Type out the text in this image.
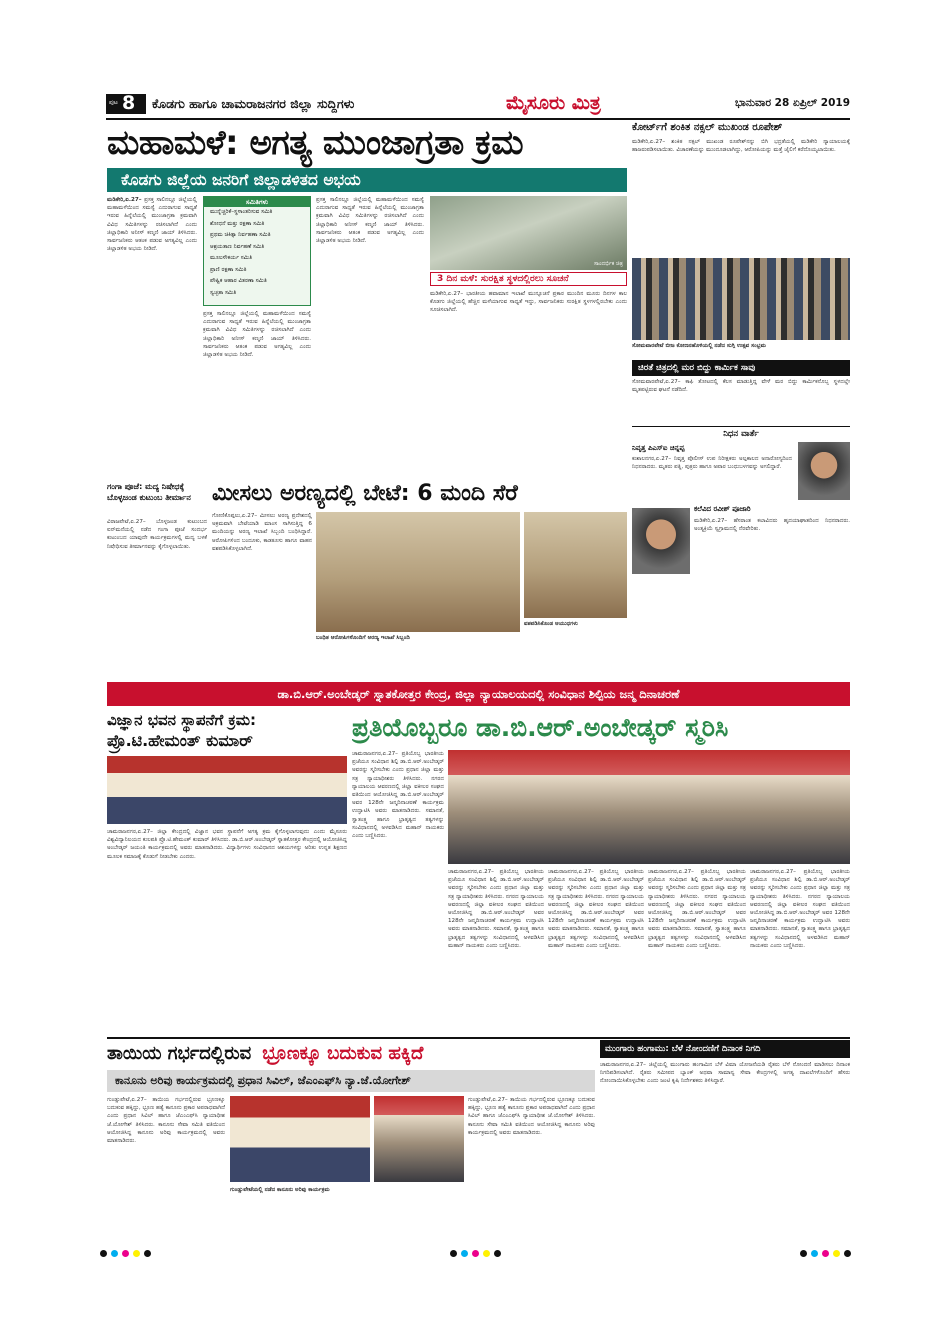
ಪುಟ 8 ಕೊಡಗು ಹಾಗೂ ಚಾಮರಾಜನಗರ ಜಿಲ್ಲಾ ಸುದ್ದಿಗಳು	ಮೈಸೂರು ಮಿತ್ರ	ಭಾನುವಾರ 28 ಏಪ್ರಿಲ್ 2019
ಮಹಾಮಳೆ: ಅಗತ್ಯ ಮುಂಜಾಗ್ರತಾ ಕ್ರಮ
ಕೊಡಗು ಜಿಲ್ಲೆಯ ಜನರಿಗೆ ಜಿಲ್ಲಾಡಳಿತದ ಅಭಯ
ಮಡಿಕೇರಿ,ಏ.27– ಪ್ರಸಕ್ತ ಸಾಲಿನಲ್ಲೂ ಜಿಲ್ಲೆಯಲ್ಲಿ ಮಹಾಮಳೆಯಿಂದ ಸಮಸ್ಯೆ ಎದುರಾಗುವ ಸಾಧ್ಯತೆ ಇರುವ ಹಿನ್ನೆಲೆಯಲ್ಲಿ ಮುಂಜಾಗ್ರತಾ ಕ್ರಮವಾಗಿ ವಿವಿಧ ಸಮಿತಿಗಳನ್ನು ರಚಿಸಲಾಗಿದೆ ಎಂದು ಜಿಲ್ಲಾಧಿಕಾರಿ ಅನೀಸ್ ಕಣ್ಮಣಿ ಜಾಯ್ ತಿಳಿಸಿದರು. ಸಾರ್ವಜನಿಕರು ಆತಂಕ ಪಡುವ ಅಗತ್ಯವಿಲ್ಲ ಎಂದು ಜಿಲ್ಲಾಡಳಿತ ಅಭಯ ನೀಡಿದೆ.
ಸಮಿತಿಗಳು
ಮುನ್ನೆಚ್ಚರಿಕೆ–ಸ್ಥಳಾಂತರಿಸುವ ಸಮಿತಿ
ಶೋಧನೆ ಮತ್ತು ರಕ್ಷಣಾ ಸಮಿತಿ
ಪ್ರಥಮ ಚಿಕಿತ್ಸಾ ನಿರ್ವಹಣಾ ಸಮಿತಿ
ಆಶ್ರಯತಾಣ ನಿರ್ವಹಣೆ ಸಮಿತಿ
ಮೂಲಸೌಕರ್ಯ ಸಮಿತಿ
ಪ್ರಾಣಿ ರಕ್ಷಣಾ ಸಮಿತಿ
ಪೌಷ್ಟಿಕ ಆಹಾರ ವಿತರಣಾ ಸಮಿತಿ
ಸ್ವಚ್ಛತಾ ಸಮಿತಿ
ಪ್ರಸಕ್ತ ಸಾಲಿನಲ್ಲೂ ಜಿಲ್ಲೆಯಲ್ಲಿ ಮಹಾಮಳೆಯಿಂದ ಸಮಸ್ಯೆ ಎದುರಾಗುವ ಸಾಧ್ಯತೆ ಇರುವ ಹಿನ್ನೆಲೆಯಲ್ಲಿ ಮುಂಜಾಗ್ರತಾ ಕ್ರಮವಾಗಿ ವಿವಿಧ ಸಮಿತಿಗಳನ್ನು ರಚಿಸಲಾಗಿದೆ ಎಂದು ಜಿಲ್ಲಾಧಿಕಾರಿ ಅನೀಸ್ ಕಣ್ಮಣಿ ಜಾಯ್ ತಿಳಿಸಿದರು. ಸಾರ್ವಜನಿಕರು ಆತಂಕ ಪಡುವ ಅಗತ್ಯವಿಲ್ಲ ಎಂದು ಜಿಲ್ಲಾಡಳಿತ ಅಭಯ ನೀಡಿದೆ.
ಪ್ರಸಕ್ತ ಸಾಲಿನಲ್ಲೂ ಜಿಲ್ಲೆಯಲ್ಲಿ ಮಹಾಮಳೆಯಿಂದ ಸಮಸ್ಯೆ ಎದುರಾಗುವ ಸಾಧ್ಯತೆ ಇರುವ ಹಿನ್ನೆಲೆಯಲ್ಲಿ ಮುಂಜಾಗ್ರತಾ ಕ್ರಮವಾಗಿ ವಿವಿಧ ಸಮಿತಿಗಳನ್ನು ರಚಿಸಲಾಗಿದೆ ಎಂದು ಜಿಲ್ಲಾಧಿಕಾರಿ ಅನೀಸ್ ಕಣ್ಮಣಿ ಜಾಯ್ ತಿಳಿಸಿದರು. ಸಾರ್ವಜನಿಕರು ಆತಂಕ ಪಡುವ ಅಗತ್ಯವಿಲ್ಲ ಎಂದು ಜಿಲ್ಲಾಡಳಿತ ಅಭಯ ನೀಡಿದೆ.
ಸಾಂದರ್ಭಿಕ ಚಿತ್ರ
3 ದಿನ ಮಳೆ: ಸುರಕ್ಷಿತ ಸ್ಥಳದಲ್ಲಿರಲು ಸೂಚನೆ
ಮಡಿಕೇರಿ,ಏ.27– ಭಾರತೀಯ ಹವಾಮಾನ ಇಲಾಖೆ ಮುನ್ಸೂಚನೆ ಪ್ರಕಾರ ಮುಂದಿನ ಮೂರು ದಿನಗಳ ಕಾಲ ಕೊಡಗು ಜಿಲ್ಲೆಯಲ್ಲಿ ಹೆಚ್ಚಿನ ಮಳೆಯಾಗುವ ಸಾಧ್ಯತೆ ಇದ್ದು, ಸಾರ್ವಜನಿಕರು ಸುರಕ್ಷಿತ ಸ್ಥಳಗಳಲ್ಲಿರಬೇಕು ಎಂದು ಸೂಚಿಸಲಾಗಿದೆ.
ಕೋರ್ಟ್‌ಗೆ ಶಂಕಿತ ನಕ್ಸಲ್ ಮುಖಂಡ ರೂಪೇಶ್
ಮಡಿಕೇರಿ,ಏ.27– ಶಂಕಿತ ನಕ್ಸಲ್ ಮುಖಂಡ ರೂಪೇಶ್‌ನನ್ನು ಬಿಗಿ ಭದ್ರತೆಯಲ್ಲಿ ಮಡಿಕೇರಿ ನ್ಯಾಯಾಲಯಕ್ಕೆ ಹಾಜರುಪಡಿಸಲಾಯಿತು. ವಿಚಾರಣೆಯನ್ನು ಮುಂದೂಡಲಾಗಿದ್ದು, ಆರೋಪಿಯನ್ನು ಮತ್ತೆ ಜೈಲಿಗೆ ಕರೆದೊಯ್ಯಲಾಯಿತು.
ಸೋಮವಾರಪೇಟೆ ಬೀಜ ಕೋಣನಹೊಳಿಯಲ್ಲಿ ನಡೆದ ಸುಗ್ಗಿ ಉತ್ಸವ ಸಂಭ್ರಮ
ಚಿರತೆ ಚಿತ್ರದಲ್ಲಿ ಮರ ಬಿದ್ದು ಕಾರ್ಮಿಕ ಸಾವು
ಸೋಮವಾರಪೇಟೆ,ಏ.27– ಕಾಫಿ ತೋಟದಲ್ಲಿ ಕೆಲಸ ಮಾಡುತ್ತಿದ್ದ ವೇಳೆ ಮರ ಬಿದ್ದು ಕಾರ್ಮಿಕನೊಬ್ಬ ಸ್ಥಳದಲ್ಲೇ ಮೃತಪಟ್ಟಿರುವ ಘಟನೆ ನಡೆದಿದೆ.
ನಿಧನ ವಾರ್ತೆ
ನಿವೃತ್ತ ಪಿಎಸ್‌ಐ ಚಿನ್ನಪ್ಪ
ಕುಶಾಲನಗರ,ಏ.27– ನಿವೃತ್ತ ಪೊಲೀಸ್ ಉಪ ನಿರೀಕ್ಷಕರು ಅಲ್ಪಕಾಲದ ಅನಾರೋಗ್ಯದಿಂದ ನಿಧನರಾದರು. ಮೃತರು ಪತ್ನಿ, ಪುತ್ರರು ಹಾಗೂ ಅಪಾರ ಬಂಧುಬಳಗವನ್ನು ಅಗಲಿದ್ದಾರೆ.
ಕಲೆವಿದ ರವೀಶ್ ಪೂಜಾರಿ
ಮಡಿಕೇರಿ,ಏ.27– ಹೆಸರಾಂತ ಕಲಾವಿದರು ಹೃದಯಾಘಾತದಿಂದ ನಿಧನರಾದರು. ಅಂತ್ಯಕ್ರಿಯೆ ಸ್ವಗ್ರಾಮದಲ್ಲಿ ನೆರವೇರಿತು.
ಗಂಗಾ ಪೂಜೆ: ಮದ್ಯ ನಿಷೇಧಕ್ಕೆ ಬೊಳ್ಳಜಂಡ ಕುಟುಂಬ ತೀರ್ಮಾನ
ವಿರಾಜಪೇಟೆ,ಏ.27– ಬೊಳ್ಳಜಂಡ ಕುಟುಂಬದ ಐನ್‌ಮನೆಯಲ್ಲಿ ನಡೆದ ಗಂಗಾ ಪೂಜೆ ಸಂದರ್ಭ ಕುಟುಂಬದ ಯಾವುದೇ ಕಾರ್ಯಕ್ರಮಗಳಲ್ಲಿ ಮದ್ಯ ಬಳಕೆ ನಿಷೇಧಿಸುವ ತೀರ್ಮಾನವನ್ನು ಕೈಗೊಳ್ಳಲಾಯಿತು.
ಮೀಸಲು ಅರಣ್ಯದಲ್ಲಿ ಬೇಟೆ: 6 ಮಂದಿ ಸೆರೆ
ಗೋಣಿಕೊಪ್ಪಲು,ಏ.27– ಮೀಸಲು ಅರಣ್ಯ ಪ್ರದೇಶದಲ್ಲಿ ಅಕ್ರಮವಾಗಿ ಬೇಟೆಯಾಡಿ ಮಾಂಸ ಸಾಗಿಸುತ್ತಿದ್ದ 6 ಮಂದಿಯನ್ನು ಅರಣ್ಯ ಇಲಾಖೆ ಸಿಬ್ಬಂದಿ ಬಂಧಿಸಿದ್ದಾರೆ. ಆರೋಪಿಗಳಿಂದ ಬಂದೂಕು, ಕಾಡತೂಸು ಹಾಗೂ ವಾಹನ ವಶಪಡಿಸಿಕೊಳ್ಳಲಾಗಿದೆ.
ವಶಪಡಿಸಿಕೊಂಡ ಆಯುಧಗಳು
ಬಂಧಿತ ಆರೋಪಿಗಳೊಂದಿಗೆ ಅರಣ್ಯ ಇಲಾಖೆ ಸಿಬ್ಬಂದಿ
ಡಾ.ಬಿ.ಆರ್.ಅಂಬೇಡ್ಕರ್ ಸ್ನಾತಕೋತ್ತರ ಕೇಂದ್ರ, ಜಿಲ್ಲಾ ನ್ಯಾಯಾಲಯದಲ್ಲಿ ಸಂವಿಧಾನ ಶಿಲ್ಪಿಯ ಜನ್ಮ ದಿನಾಚರಣೆ
ವಿಜ್ಞಾನ ಭವನ ಸ್ಥಾಪನೆಗೆ ಕ್ರಮ:
ಪ್ರೊ.ಟಿ.ಹೇಮಂತ್ ಕುಮಾರ್
ಚಾಮರಾಜನಗರ,ಏ.27– ಜಿಲ್ಲಾ ಕೇಂದ್ರದಲ್ಲಿ ವಿಜ್ಞಾನ ಭವನ ಸ್ಥಾಪನೆಗೆ ಅಗತ್ಯ ಕ್ರಮ ಕೈಗೊಳ್ಳಲಾಗುವುದು ಎಂದು ಮೈಸೂರು ವಿಶ್ವವಿದ್ಯಾನಿಲಯದ ಕುಲಪತಿ ಪ್ರೊ.ಟಿ.ಹೇಮಂತ್ ಕುಮಾರ್ ತಿಳಿಸಿದರು. ಡಾ.ಬಿ.ಆರ್.ಅಂಬೇಡ್ಕರ್ ಸ್ನಾತಕೋತ್ತರ ಕೇಂದ್ರದಲ್ಲಿ ಆಯೋಜಿಸಿದ್ದ ಅಂಬೇಡ್ಕರ್ ಜಯಂತಿ ಕಾರ್ಯಕ್ರಮದಲ್ಲಿ ಅವರು ಮಾತನಾಡಿದರು. ವಿದ್ಯಾರ್ಥಿಗಳು ಸಂವಿಧಾನದ ಆಶಯಗಳನ್ನು ಅರಿತು ಉನ್ನತ ಶಿಕ್ಷಣದ ಮೂಲಕ ಸಮಾಜಕ್ಕೆ ಕೊಡುಗೆ ನೀಡಬೇಕು ಎಂದರು.
ಪ್ರತಿಯೊಬ್ಬರೂ ಡಾ.ಬಿ.ಆರ್.ಅಂಬೇಡ್ಕರ್ ಸ್ಮರಿಸಿ
ಚಾಮರಾಜನಗರ,ಏ.27– ಪ್ರತಿಯೊಬ್ಬ ಭಾರತೀಯ ಪ್ರಜೆಯೂ ಸಂವಿಧಾನ ಶಿಲ್ಪಿ ಡಾ.ಬಿ.ಆರ್.ಅಂಬೇಡ್ಕರ್ ಅವರನ್ನು ಸ್ಮರಿಸಬೇಕು ಎಂದು ಪ್ರಧಾನ ಜಿಲ್ಲಾ ಮತ್ತು ಸತ್ರ ನ್ಯಾಯಾಧೀಶರು ತಿಳಿಸಿದರು. ನಗರದ ನ್ಯಾಯಾಲಯ ಆವರಣದಲ್ಲಿ ಜಿಲ್ಲಾ ವಕೀಲರ ಸಂಘದ ವತಿಯಿಂದ ಆಯೋಜಿಸಿದ್ದ ಡಾ.ಬಿ.ಆರ್.ಅಂಬೇಡ್ಕರ್ ಅವರ 128ನೇ ಜನ್ಮದಿನಾಚರಣೆ ಕಾರ್ಯಕ್ರಮ ಉದ್ಘಾಟಿಸಿ ಅವರು ಮಾತನಾಡಿದರು. ಸಮಾನತೆ, ಸ್ವಾತಂತ್ರ್ಯ ಹಾಗೂ ಭ್ರಾತೃತ್ವದ ತತ್ವಗಳನ್ನು ಸಂವಿಧಾನದಲ್ಲಿ ಅಳವಡಿಸಿದ ಮಹಾನ್ ನಾಯಕರು ಎಂದು ಬಣ್ಣಿಸಿದರು.
ಚಾಮರಾಜನಗರ,ಏ.27– ಪ್ರತಿಯೊಬ್ಬ ಭಾರತೀಯ ಪ್ರಜೆಯೂ ಸಂವಿಧಾನ ಶಿಲ್ಪಿ ಡಾ.ಬಿ.ಆರ್.ಅಂಬೇಡ್ಕರ್ ಅವರನ್ನು ಸ್ಮರಿಸಬೇಕು ಎಂದು ಪ್ರಧಾನ ಜಿಲ್ಲಾ ಮತ್ತು ಸತ್ರ ನ್ಯಾಯಾಧೀಶರು ತಿಳಿಸಿದರು. ನಗರದ ನ್ಯಾಯಾಲಯ ಆವರಣದಲ್ಲಿ ಜಿಲ್ಲಾ ವಕೀಲರ ಸಂಘದ ವತಿಯಿಂದ ಆಯೋಜಿಸಿದ್ದ ಡಾ.ಬಿ.ಆರ್.ಅಂಬೇಡ್ಕರ್ ಅವರ 128ನೇ ಜನ್ಮದಿನಾಚರಣೆ ಕಾರ್ಯಕ್ರಮ ಉದ್ಘಾಟಿಸಿ ಅವರು ಮಾತನಾಡಿದರು. ಸಮಾನತೆ, ಸ್ವಾತಂತ್ರ್ಯ ಹಾಗೂ ಭ್ರಾತೃತ್ವದ ತತ್ವಗಳನ್ನು ಸಂವಿಧಾನದಲ್ಲಿ ಅಳವಡಿಸಿದ ಮಹಾನ್ ನಾಯಕರು ಎಂದು ಬಣ್ಣಿಸಿದರು.
ಚಾಮರಾಜನಗರ,ಏ.27– ಪ್ರತಿಯೊಬ್ಬ ಭಾರತೀಯ ಪ್ರಜೆಯೂ ಸಂವಿಧಾನ ಶಿಲ್ಪಿ ಡಾ.ಬಿ.ಆರ್.ಅಂಬೇಡ್ಕರ್ ಅವರನ್ನು ಸ್ಮರಿಸಬೇಕು ಎಂದು ಪ್ರಧಾನ ಜಿಲ್ಲಾ ಮತ್ತು ಸತ್ರ ನ್ಯಾಯಾಧೀಶರು ತಿಳಿಸಿದರು. ನಗರದ ನ್ಯಾಯಾಲಯ ಆವರಣದಲ್ಲಿ ಜಿಲ್ಲಾ ವಕೀಲರ ಸಂಘದ ವತಿಯಿಂದ ಆಯೋಜಿಸಿದ್ದ ಡಾ.ಬಿ.ಆರ್.ಅಂಬೇಡ್ಕರ್ ಅವರ 128ನೇ ಜನ್ಮದಿನಾಚರಣೆ ಕಾರ್ಯಕ್ರಮ ಉದ್ಘಾಟಿಸಿ ಅವರು ಮಾತನಾಡಿದರು. ಸಮಾನತೆ, ಸ್ವಾತಂತ್ರ್ಯ ಹಾಗೂ ಭ್ರಾತೃತ್ವದ ತತ್ವಗಳನ್ನು ಸಂವಿಧಾನದಲ್ಲಿ ಅಳವಡಿಸಿದ ಮಹಾನ್ ನಾಯಕರು ಎಂದು ಬಣ್ಣಿಸಿದರು.
ಚಾಮರಾಜನಗರ,ಏ.27– ಪ್ರತಿಯೊಬ್ಬ ಭಾರತೀಯ ಪ್ರಜೆಯೂ ಸಂವಿಧಾನ ಶಿಲ್ಪಿ ಡಾ.ಬಿ.ಆರ್.ಅಂಬೇಡ್ಕರ್ ಅವರನ್ನು ಸ್ಮರಿಸಬೇಕು ಎಂದು ಪ್ರಧಾನ ಜಿಲ್ಲಾ ಮತ್ತು ಸತ್ರ ನ್ಯಾಯಾಧೀಶರು ತಿಳಿಸಿದರು. ನಗರದ ನ್ಯಾಯಾಲಯ ಆವರಣದಲ್ಲಿ ಜಿಲ್ಲಾ ವಕೀಲರ ಸಂಘದ ವತಿಯಿಂದ ಆಯೋಜಿಸಿದ್ದ ಡಾ.ಬಿ.ಆರ್.ಅಂಬೇಡ್ಕರ್ ಅವರ 128ನೇ ಜನ್ಮದಿನಾಚರಣೆ ಕಾರ್ಯಕ್ರಮ ಉದ್ಘಾಟಿಸಿ ಅವರು ಮಾತನಾಡಿದರು. ಸಮಾನತೆ, ಸ್ವಾತಂತ್ರ್ಯ ಹಾಗೂ ಭ್ರಾತೃತ್ವದ ತತ್ವಗಳನ್ನು ಸಂವಿಧಾನದಲ್ಲಿ ಅಳವಡಿಸಿದ ಮಹಾನ್ ನಾಯಕರು ಎಂದು ಬಣ್ಣಿಸಿದರು.
ಚಾಮರಾಜನಗರ,ಏ.27– ಪ್ರತಿಯೊಬ್ಬ ಭಾರತೀಯ ಪ್ರಜೆಯೂ ಸಂವಿಧಾನ ಶಿಲ್ಪಿ ಡಾ.ಬಿ.ಆರ್.ಅಂಬೇಡ್ಕರ್ ಅವರನ್ನು ಸ್ಮರಿಸಬೇಕು ಎಂದು ಪ್ರಧಾನ ಜಿಲ್ಲಾ ಮತ್ತು ಸತ್ರ ನ್ಯಾಯಾಧೀಶರು ತಿಳಿಸಿದರು. ನಗರದ ನ್ಯಾಯಾಲಯ ಆವರಣದಲ್ಲಿ ಜಿಲ್ಲಾ ವಕೀಲರ ಸಂಘದ ವತಿಯಿಂದ ಆಯೋಜಿಸಿದ್ದ ಡಾ.ಬಿ.ಆರ್.ಅಂಬೇಡ್ಕರ್ ಅವರ 128ನೇ ಜನ್ಮದಿನಾಚರಣೆ ಕಾರ್ಯಕ್ರಮ ಉದ್ಘಾಟಿಸಿ ಅವರು ಮಾತನಾಡಿದರು. ಸಮಾನತೆ, ಸ್ವಾತಂತ್ರ್ಯ ಹಾಗೂ ಭ್ರಾತೃತ್ವದ ತತ್ವಗಳನ್ನು ಸಂವಿಧಾನದಲ್ಲಿ ಅಳವಡಿಸಿದ ಮಹಾನ್ ನಾಯಕರು ಎಂದು ಬಣ್ಣಿಸಿದರು.
ತಾಯಿಯ ಗರ್ಭದಲ್ಲಿರುವ ಭ್ರೂಣಕ್ಕೂ ಬದುಕುವ ಹಕ್ಕಿದೆ
ಕಾನೂನು ಅರಿವು ಕಾರ್ಯಕ್ರಮದಲ್ಲಿ ಪ್ರಧಾನ ಸಿವಿಲ್, ಜೆಎಂಎಫ್‌ಸಿ ನ್ಯಾ.ಜೆ.ಯೋಗೇಶ್
ಗುಂಡ್ಲುಪೇಟೆ,ಏ.27– ತಾಯಿಯ ಗರ್ಭದಲ್ಲಿರುವ ಭ್ರೂಣಕ್ಕೂ ಬದುಕುವ ಹಕ್ಕಿದ್ದು, ಭ್ರೂಣ ಹತ್ಯೆ ಕಾನೂನು ಪ್ರಕಾರ ಅಪರಾಧವಾಗಿದೆ ಎಂದು ಪ್ರಧಾನ ಸಿವಿಲ್ ಹಾಗೂ ಜೆಎಂಎಫ್‌ಸಿ ನ್ಯಾಯಾಧೀಶ ಜೆ.ಯೋಗೇಶ್ ತಿಳಿಸಿದರು. ಕಾನೂನು ಸೇವಾ ಸಮಿತಿ ವತಿಯಿಂದ ಆಯೋಜಿಸಿದ್ದ ಕಾನೂನು ಅರಿವು ಕಾರ್ಯಕ್ರಮದಲ್ಲಿ ಅವರು ಮಾತನಾಡಿದರು.
ಗುಂಡ್ಲುಪೇಟೆಯಲ್ಲಿ ನಡೆದ ಕಾನೂನು ಅರಿವು ಕಾರ್ಯಕ್ರಮ
ಗುಂಡ್ಲುಪೇಟೆ,ಏ.27– ತಾಯಿಯ ಗರ್ಭದಲ್ಲಿರುವ ಭ್ರೂಣಕ್ಕೂ ಬದುಕುವ ಹಕ್ಕಿದ್ದು, ಭ್ರೂಣ ಹತ್ಯೆ ಕಾನೂನು ಪ್ರಕಾರ ಅಪರಾಧವಾಗಿದೆ ಎಂದು ಪ್ರಧಾನ ಸಿವಿಲ್ ಹಾಗೂ ಜೆಎಂಎಫ್‌ಸಿ ನ್ಯಾಯಾಧೀಶ ಜೆ.ಯೋಗೇಶ್ ತಿಳಿಸಿದರು. ಕಾನೂನು ಸೇವಾ ಸಮಿತಿ ವತಿಯಿಂದ ಆಯೋಜಿಸಿದ್ದ ಕಾನೂನು ಅರಿವು ಕಾರ್ಯಕ್ರಮದಲ್ಲಿ ಅವರು ಮಾತನಾಡಿದರು.
ಮುಂಗಾರು ಹಂಗಾಮು: ಬೆಳೆ ನೋಂದಣಿಗೆ ದಿನಾಂಕ ನಿಗದಿ
ಚಾಮರಾಜನಗರ,ಏ.27– ಜಿಲ್ಲೆಯಲ್ಲಿ ಮುಂಗಾರು ಹಂಗಾಮಿನ ಬೆಳೆ ವಿಮಾ ಯೋಜನೆಯಡಿ ರೈತರು ಬೆಳೆ ನೋಂದಣಿ ಮಾಡಿಸಲು ದಿನಾಂಕ ನಿಗದಿಪಡಿಸಲಾಗಿದೆ. ರೈತರು ಸಮೀಪದ ಬ್ಯಾಂಕ್ ಅಥವಾ ಸಾಮಾನ್ಯ ಸೇವಾ ಕೇಂದ್ರಗಳಲ್ಲಿ ಅಗತ್ಯ ದಾಖಲೆಗಳೊಂದಿಗೆ ಹೆಸರು ನೋಂದಾಯಿಸಿಕೊಳ್ಳಬೇಕು ಎಂದು ಜಂಟಿ ಕೃಷಿ ನಿರ್ದೇಶಕರು ತಿಳಿಸಿದ್ದಾರೆ.
